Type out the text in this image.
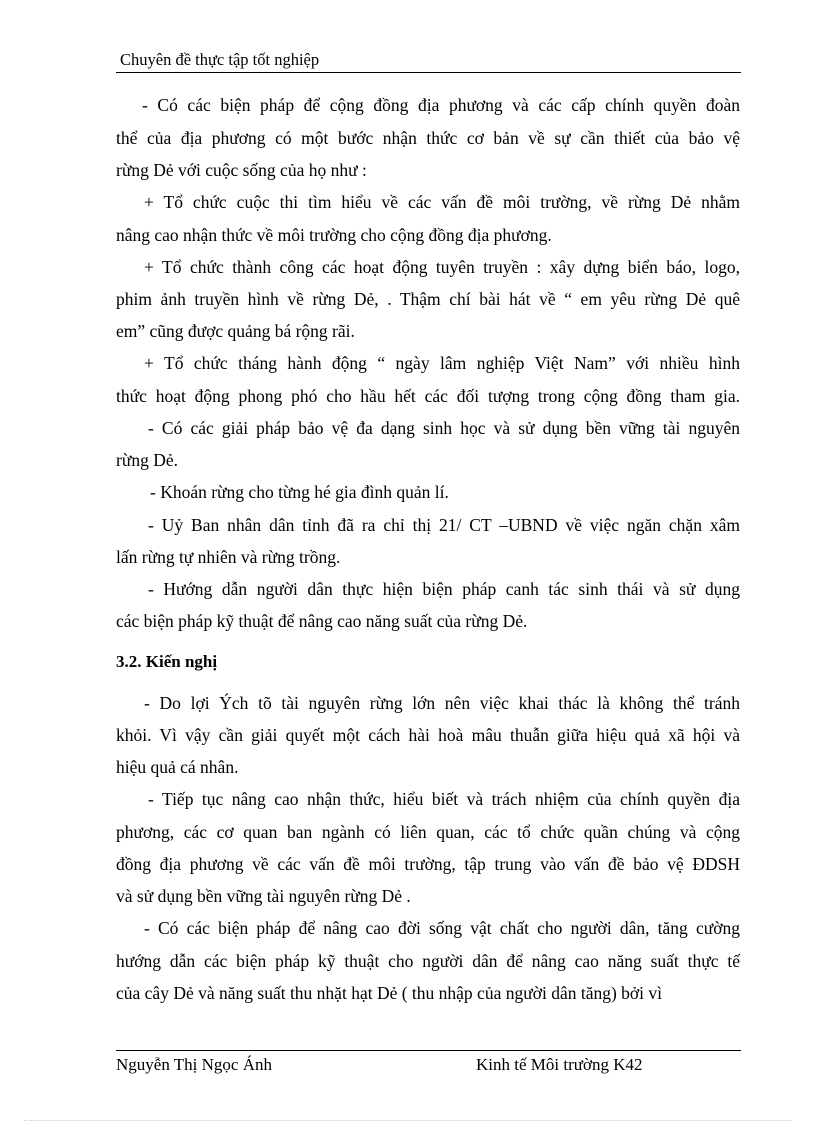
Chuyên đề thực tập tốt nghiệp
- Có các biện pháp để cộng đồng địa phương và các cấp chính quyền đoàn
thể của địa phương có một bước nhận thức cơ bản về sự cần thiết của bảo vệ
rừng Dẻ với cuộc sống của họ như :
+ Tổ chức cuộc thi tìm hiểu về các vấn đề môi trường, về rừng Dẻ nhằm
nâng cao nhận thức về môi trường cho cộng đồng địa phương.
+ Tổ chức thành công các hoạt động tuyên truyền : xây dựng biển báo, logo,
phim ảnh truyền hình về rừng Dẻ, . Thậm chí bài hát về “ em yêu rừng Dẻ quê
em” cũng được quảng bá rộng rãi.
+ Tổ chức tháng hành động “ ngày lâm nghiệp Việt Nam” với nhiều hình
thức hoạt động phong phó cho hầu hết các đối tượng trong cộng đồng tham gia.
- Có các giải pháp bảo vệ đa dạng sinh học và sử dụng bền vững tài nguyên
rừng Dẻ.
- Khoán rừng cho từng hé gia đình quản lí.
- Uỷ Ban nhân dân tỉnh đã ra chỉ thị 21/ CT –UBND về việc ngăn chặn xâm
lấn rừng tự nhiên và rừng trồng.
- Hướng dẫn người dân thực hiện biện pháp canh tác sinh thái và sử dụng
các biện pháp kỹ thuật để nâng cao năng suất của rừng Dẻ.
3.2. Kiến nghị
- Do lợi Ých tõ tài nguyên rừng lớn nên việc khai thác là không thể tránh
khỏi. Vì vậy cần giải quyết một cách hài hoà mâu thuẫn giữa hiệu quả xã hội và
hiệu quả cá nhân.
- Tiếp tục nâng cao nhận thức, hiểu biết và trách nhiệm của chính quyền địa
phương, các cơ quan ban ngành có liên quan, các tổ chức quần chúng và cộng
đồng địa phương về các vấn đề môi trường, tập trung vào vấn đề bảo vệ ĐDSH
và sử dụng bền vững tài nguyên rừng Dẻ .
- Có các biện pháp để nâng cao đời sống vật chất cho người dân, tăng cường
hướng dẫn các biện pháp kỹ thuật cho người dân để nâng cao năng suất thực tế
của cây Dẻ và năng suất thu nhặt hạt Dẻ ( thu nhập của người dân tăng) bởi vì
Nguyễn Thị Ngọc Ánh	Kinh tế Môi trường K42
